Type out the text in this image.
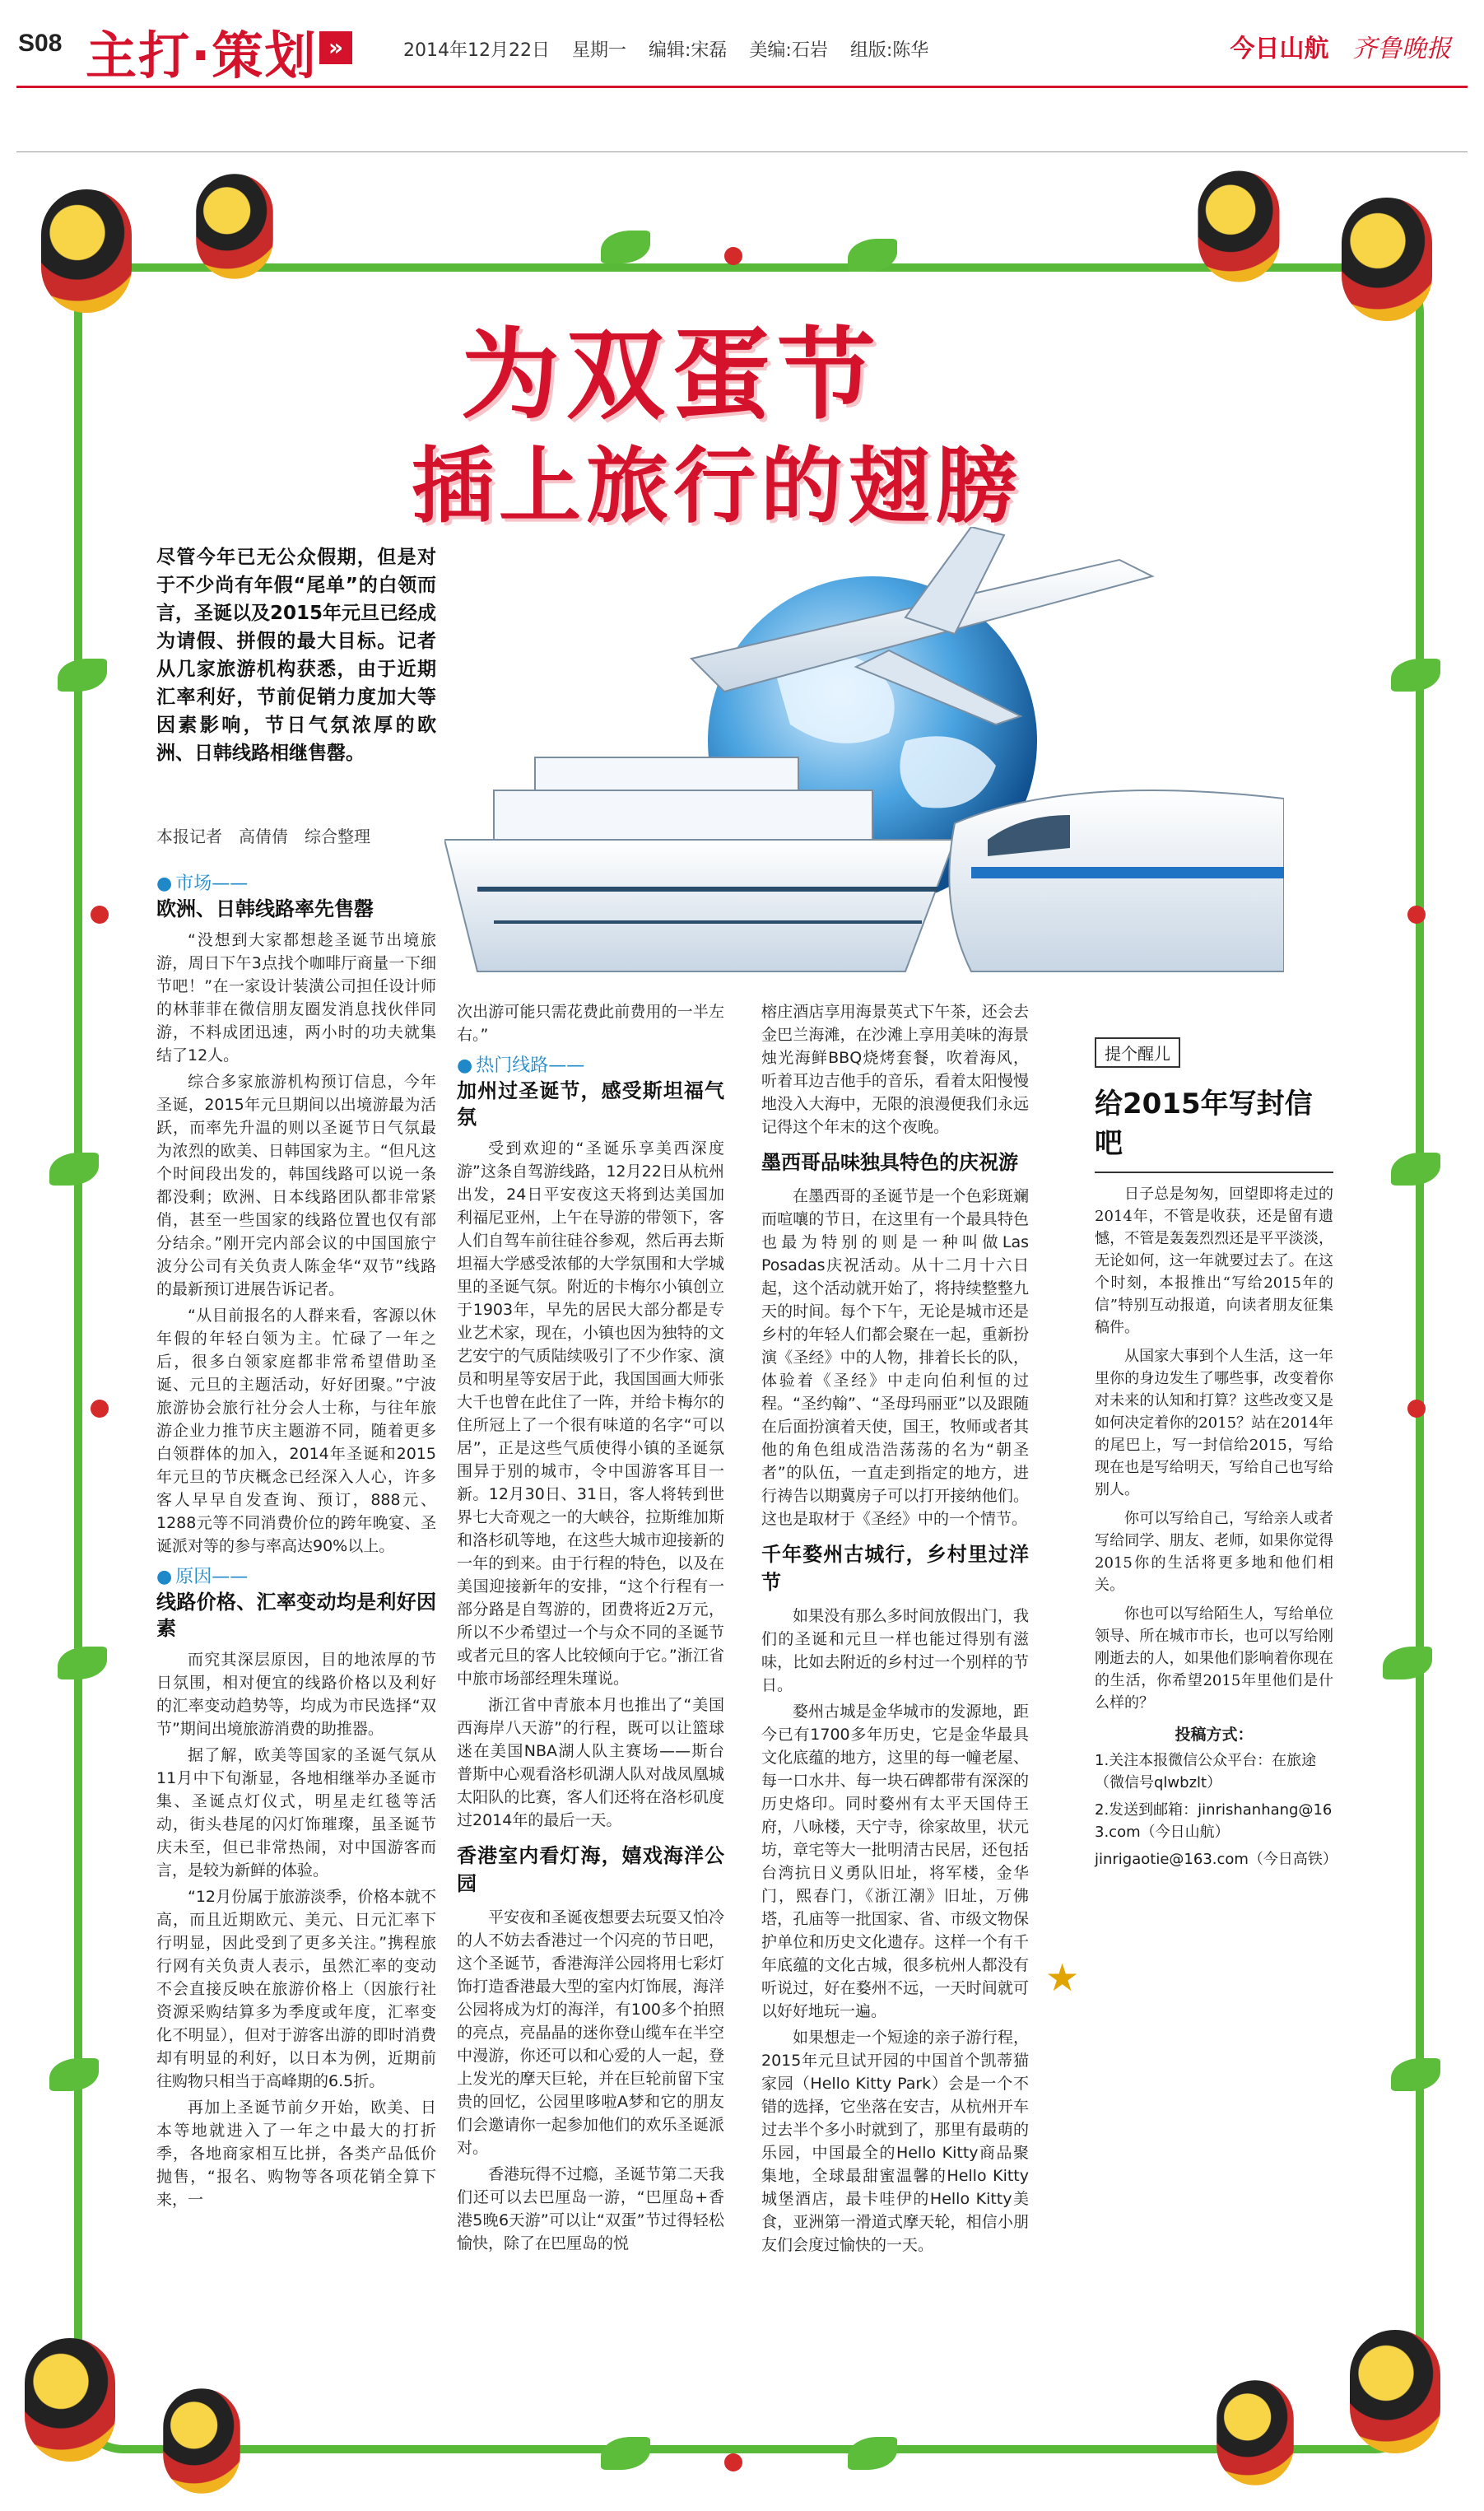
S08 主打·策划 »	2014年12月22日 星期一 编辑:宋磊 美编:石岩 组版:陈华	今日山航 齐鲁晚报
为双蛋节
插上旅行的翅膀
尽管今年已无公众假期，但是对于不少尚有年假“尾单”的白领而言，圣诞以及2015年元旦已经成为请假、拼假的最大目标。记者从几家旅游机构获悉，由于近期汇率利好，节前促销力度加大等因素影响，节日气氛浓厚的欧洲、日韩线路相继售罄。
本报记者　高倩倩　综合整理
● 市场——
欧洲、日韩线路率先售罄

“没想到大家都想趁圣诞节出境旅游，周日下午3点找个咖啡厅商量一下细节吧！”在一家设计装潢公司担任设计师的林菲菲在微信朋友圈发消息找伙伴同游，不料成团迅速，两小时的功夫就集结了12人。

综合多家旅游机构预订信息，今年圣诞，2015年元旦期间以出境游最为活跃，而率先升温的则以圣诞节日气氛最为浓烈的欧美、日韩国家为主。“但凡这个时间段出发的，韩国线路可以说一条都没剩；欧洲、日本线路团队都非常紧俏，甚至一些国家的线路位置也仅有部分结余。”刚开完内部会议的中国国旅宁波分公司有关负责人陈金华“双节”线路的最新预订进展告诉记者。

“从目前报名的人群来看，客源以休年假的年轻白领为主。忙碌了一年之后，很多白领家庭都非常希望借助圣诞、元旦的主题活动，好好团聚。”宁波旅游协会旅行社分会人士称，与往年旅游企业力推节庆主题游不同，随着更多白领群体的加入，2014年圣诞和2015年元旦的节庆概念已经深入人心，许多客人早早自发查询、预订，888元、1288元等不同消费价位的跨年晚宴、圣诞派对等的参与率高达90%以上。

● 原因——
线路价格、汇率变动均是利好因素

而究其深层原因，目的地浓厚的节日氛围，相对便宜的线路价格以及利好的汇率变动趋势等，均成为市民选择“双节”期间出境旅游消费的助推器。

据了解，欧美等国家的圣诞气氛从11月中下旬渐显，各地相继举办圣诞市集、圣诞点灯仪式，明星走红毯等活动，街头巷尾的闪灯饰璀璨，虽圣诞节庆未至，但已非常热闹，对中国游客而言，是较为新鲜的体验。

“12月份属于旅游淡季，价格本就不高，而且近期欧元、美元、日元汇率下行明显，因此受到了更多关注。”携程旅行网有关负责人表示，虽然汇率的变动不会直接反映在旅游价格上（因旅行社资源采购结算多为季度或年度，汇率变化不明显），但对于游客出游的即时消费却有明显的利好，以日本为例，近期前往购物只相当于高峰期的6.5折。

再加上圣诞节前夕开始，欧美、日本等地就进入了一年之中最大的打折季，各地商家相互比拼，各类产品低价抛售，“报名、购物等各项花销全算下来，一

次出游可能只需花费此前费用的一半左右。”

● 热门线路——
加州过圣诞节，感受斯坦福气氛

受到欢迎的“圣诞乐享美西深度游”这条自驾游线路，12月22日从杭州出发，24日平安夜这天将到达美国加利福尼亚州，上午在导游的带领下，客人们自驾车前往硅谷参观，然后再去斯坦福大学感受浓郁的大学氛围和大学城里的圣诞气氛。附近的卡梅尔小镇创立于1903年，早先的居民大部分都是专业艺术家，现在，小镇也因为独特的文艺安宁的气质陆续吸引了不少作家、演员和明星等安居于此，我国国画大师张大千也曾在此住了一阵，并给卡梅尔的住所冠上了一个很有味道的名字“可以居”，正是这些气质使得小镇的圣诞氛围异于别的城市，令中国游客耳目一新。12月30日、31日，客人将转到世界七大奇观之一的大峡谷，拉斯维加斯和洛杉矶等地，在这些大城市迎接新的一年的到来。由于行程的特色，以及在美国迎接新年的安排，“这个行程有一部分路是自驾游的，团费将近2万元，所以不少希望过一个与众不同的圣诞节或者元旦的客人比较倾向于它。”浙江省中旅市场部经理朱瑾说。

浙江省中青旅本月也推出了“美国西海岸八天游”的行程，既可以让篮球迷在美国NBA湖人队主赛场——斯台普斯中心观看洛杉矶湖人队对战凤凰城太阳队的比赛，客人们还将在洛杉矶度过2014年的最后一天。

香港室内看灯海，嬉戏海洋公园

平安夜和圣诞夜想要去玩耍又怕冷的人不妨去香港过一个闪亮的节日吧，这个圣诞节，香港海洋公园将用七彩灯饰打造香港最大型的室内灯饰展，海洋公园将成为灯的海洋，有100多个拍照的亮点，亮晶晶的迷你登山缆车在半空中漫游，你还可以和心爱的人一起，登上发光的摩天巨轮，并在巨轮前留下宝贵的回忆，公园里哆啦A梦和它的朋友们会邀请你一起参加他们的欢乐圣诞派对。

香港玩得不过瘾，圣诞节第二天我们还可以去巴厘岛一游，“巴厘岛+香港5晚6天游”可以让“双蛋”节过得轻松愉快，除了在巴厘岛的悦

榕庄酒店享用海景英式下午茶，还会去金巴兰海滩，在沙滩上享用美味的海景烛光海鲜BBQ烧烤套餐，吹着海风，听着耳边吉他手的音乐，看着太阳慢慢地没入大海中，无限的浪漫便我们永远记得这个年末的这个夜晚。

墨西哥品味独具特色的庆祝游

在墨西哥的圣诞节是一个色彩斑斓而喧嚷的节日，在这里有一个最具特色也最为特别的则是一种叫做Las Posadas庆祝活动。从十二月十六日起，这个活动就开始了，将持续整整九天的时间。每个下午，无论是城市还是乡村的年轻人们都会聚在一起，重新扮演《圣经》中的人物，排着长长的队，体验着《圣经》中走向伯利恒的过程。“圣约翰”、“圣母玛丽亚”以及跟随在后面扮演着天使，国王，牧师或者其他的角色组成浩浩荡荡的名为“朝圣者”的队伍，一直走到指定的地方，进行祷告以期冀房子可以打开接纳他们。这也是取材于《圣经》中的一个情节。

千年婺州古城行，乡村里过洋节

如果没有那么多时间放假出门，我们的圣诞和元旦一样也能过得别有滋味，比如去附近的乡村过一个别样的节日。

婺州古城是金华城市的发源地，距今已有1700多年历史，它是金华最具文化底蕴的地方，这里的每一幢老屋、每一口水井、每一块石碑都带有深深的历史烙印。同时婺州有太平天国侍王府，八咏楼，天宁寺，徐家故里，状元坊，章宅等大一批明清古民居，还包括台湾抗日义勇队旧址，将军楼，金华门，熙春门，《浙江潮》旧址，万佛塔，孔庙等一批国家、省、市级文物保护单位和历史文化遗存。这样一个有千年底蕴的文化古城，很多杭州人都没有听说过，好在婺州不远，一天时间就可以好好地玩一遍。

如果想走一个短途的亲子游行程，2015年元旦试开园的中国首个凯蒂猫家园（Hello Kitty Park）会是一个不错的选择，它坐落在安吉，从杭州开车过去半个多小时就到了，那里有最萌的乐园，中国最全的Hello Kitty商品聚集地，全球最甜蜜温馨的Hello Kitty城堡酒店，最卡哇伊的Hello Kitty美食，亚洲第一滑道式摩天轮，相信小朋友们会度过愉快的一天。

提个醒儿
给2015年写封信吧

日子总是匆匆，回望即将走过的2014年，不管是收获，还是留有遗憾，不管是轰轰烈烈还是平平淡淡，无论如何，这一年就要过去了。在这个时刻，本报推出“写给2015年的信”特别互动报道，向读者朋友征集稿件。

从国家大事到个人生活，这一年里你的身边发生了哪些事，改变着你对未来的认知和打算？这些改变又是如何决定着你的2015？站在2014年的尾巴上，写一封信给2015，写给现在也是写给明天，写给自己也写给别人。

你可以写给自己，写给亲人或者写给同学、朋友、老师，如果你觉得2015你的生活将更多地和他们相关。

你也可以写给陌生人，写给单位领导、所在城市市长，也可以写给刚刚逝去的人，如果他们影响着你现在的生活，你希望2015年里他们是什么样的？

投稿方式：
1.关注本报微信公众平台：在旅途（微信号qlwbzlt）
2.发送到邮箱：jinrishanhang@163.com（今日山航）
jinrigaotie@163.com（今日高铁）
★
